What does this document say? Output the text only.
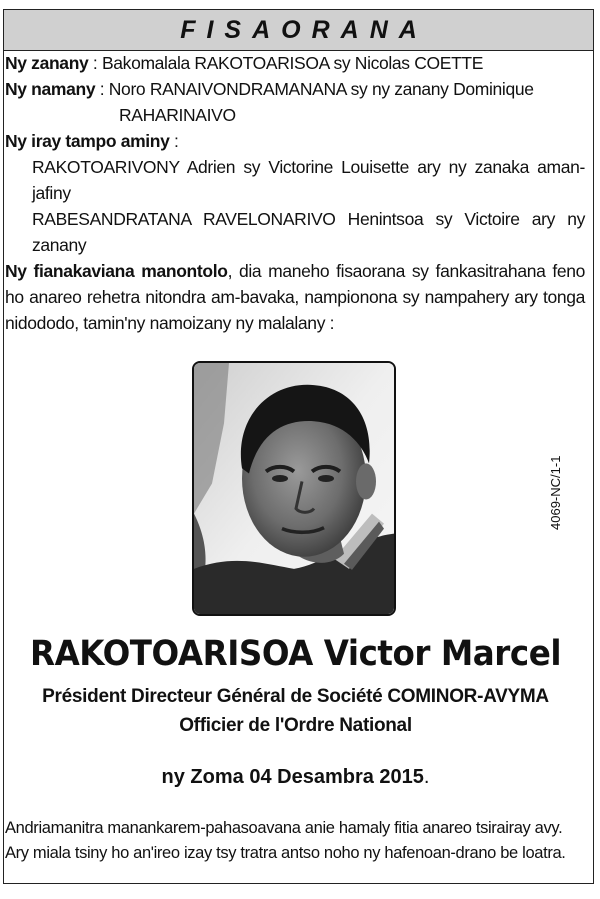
FISAORANA
Ny zanany : Bakomalala RAKOTOARISOA sy Nicolas COETTE
Ny namany : Noro RANAIVONDRAMANANA sy ny zanany Dominique
RAHARINAIVO
Ny iray tampo aminy :
RAKOTOARIVONY Adrien sy Victorine Louisette ary ny zanaka aman-jafiny
RABESANDRATANA RAVELONARIVO Henintsoa sy Victoire ary ny zanany
Ny fianakaviana manontolo, dia maneho fisaorana sy fankasitrahana feno ho anareo rehetra nitondra am-bavaka, nampionona sy nampahery ary tonga nidododo, tamin'ny namoizany ny malalany :
4069-NC/1-1
RAKOTOARISOA Victor Marcel
Président Directeur Général de Société COMINOR-AVYMA
Officier de l'Ordre National
ny Zoma 04 Desambra 2015.
Andriamanitra manankarem-pahasoavana anie hamaly fitia anareo tsirairay avy.
Ary miala tsiny ho an'ireo izay tsy tratra antso noho ny hafenoan-drano be loatra.
